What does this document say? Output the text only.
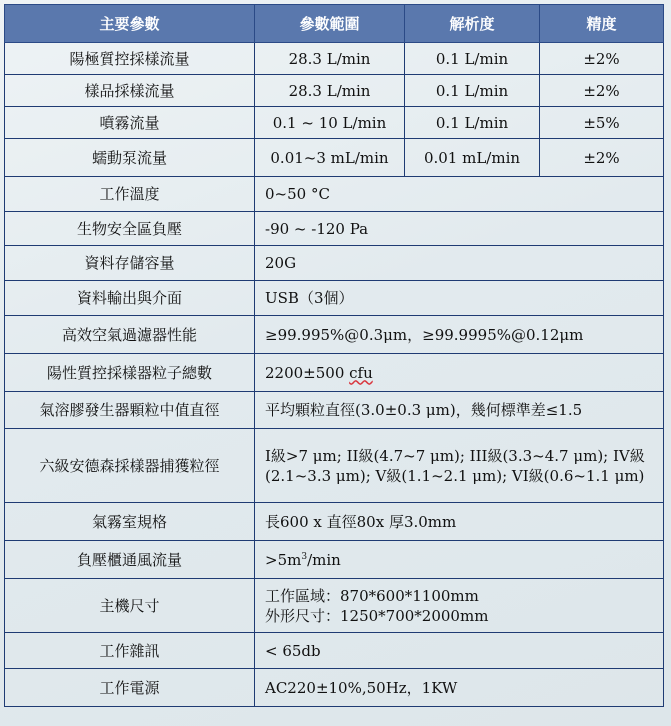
主要參數	參數範圍	解析度	精度
陽極質控採樣流量	28.3 L/min	0.1 L/min	±2%
樣品採樣流量	28.3 L/min	0.1 L/min	±2%
噴霧流量	0.1 ~ 10 L/min	0.1 L/min	±5%
蠕動泵流量	0.01~3 mL/min	0.01 mL/min	±2%
工作溫度	0~50 °C		
生物安全區負壓	-90 ~ -120 Pa		
資料存儲容量	20G		
資料輸出與介面	USB（3個）		
高效空氣過濾器性能	≥99.995%@0.3μm，≥99.9995%@0.12μm		
陽性質控採樣器粒子總數	2200±500 cfu		
氣溶膠發生器顆粒中值直徑	平均顆粒直徑(3.0±0.3 μm)，幾何標準差≤1.5		
六級安德森採樣器捕獲粒徑	I級>7 μm; II級(4.7~7 μm); III級(3.3~4.7 μm); IV級
(2.1~3.3 μm); V級(1.1~2.1 μm); VI級(0.6~1.1 μm)		

氣霧室規格	長600 x 直徑80x 厚3.0mm		
負壓櫃通風流量	$>5m^3/\min$		
主機尺寸	工作區域：870*600*1100mm
外形尺寸：1250*700*2000mm		

工作雜訊	< 65db		
工作電源	AC220±10%,50Hz，1KW		
